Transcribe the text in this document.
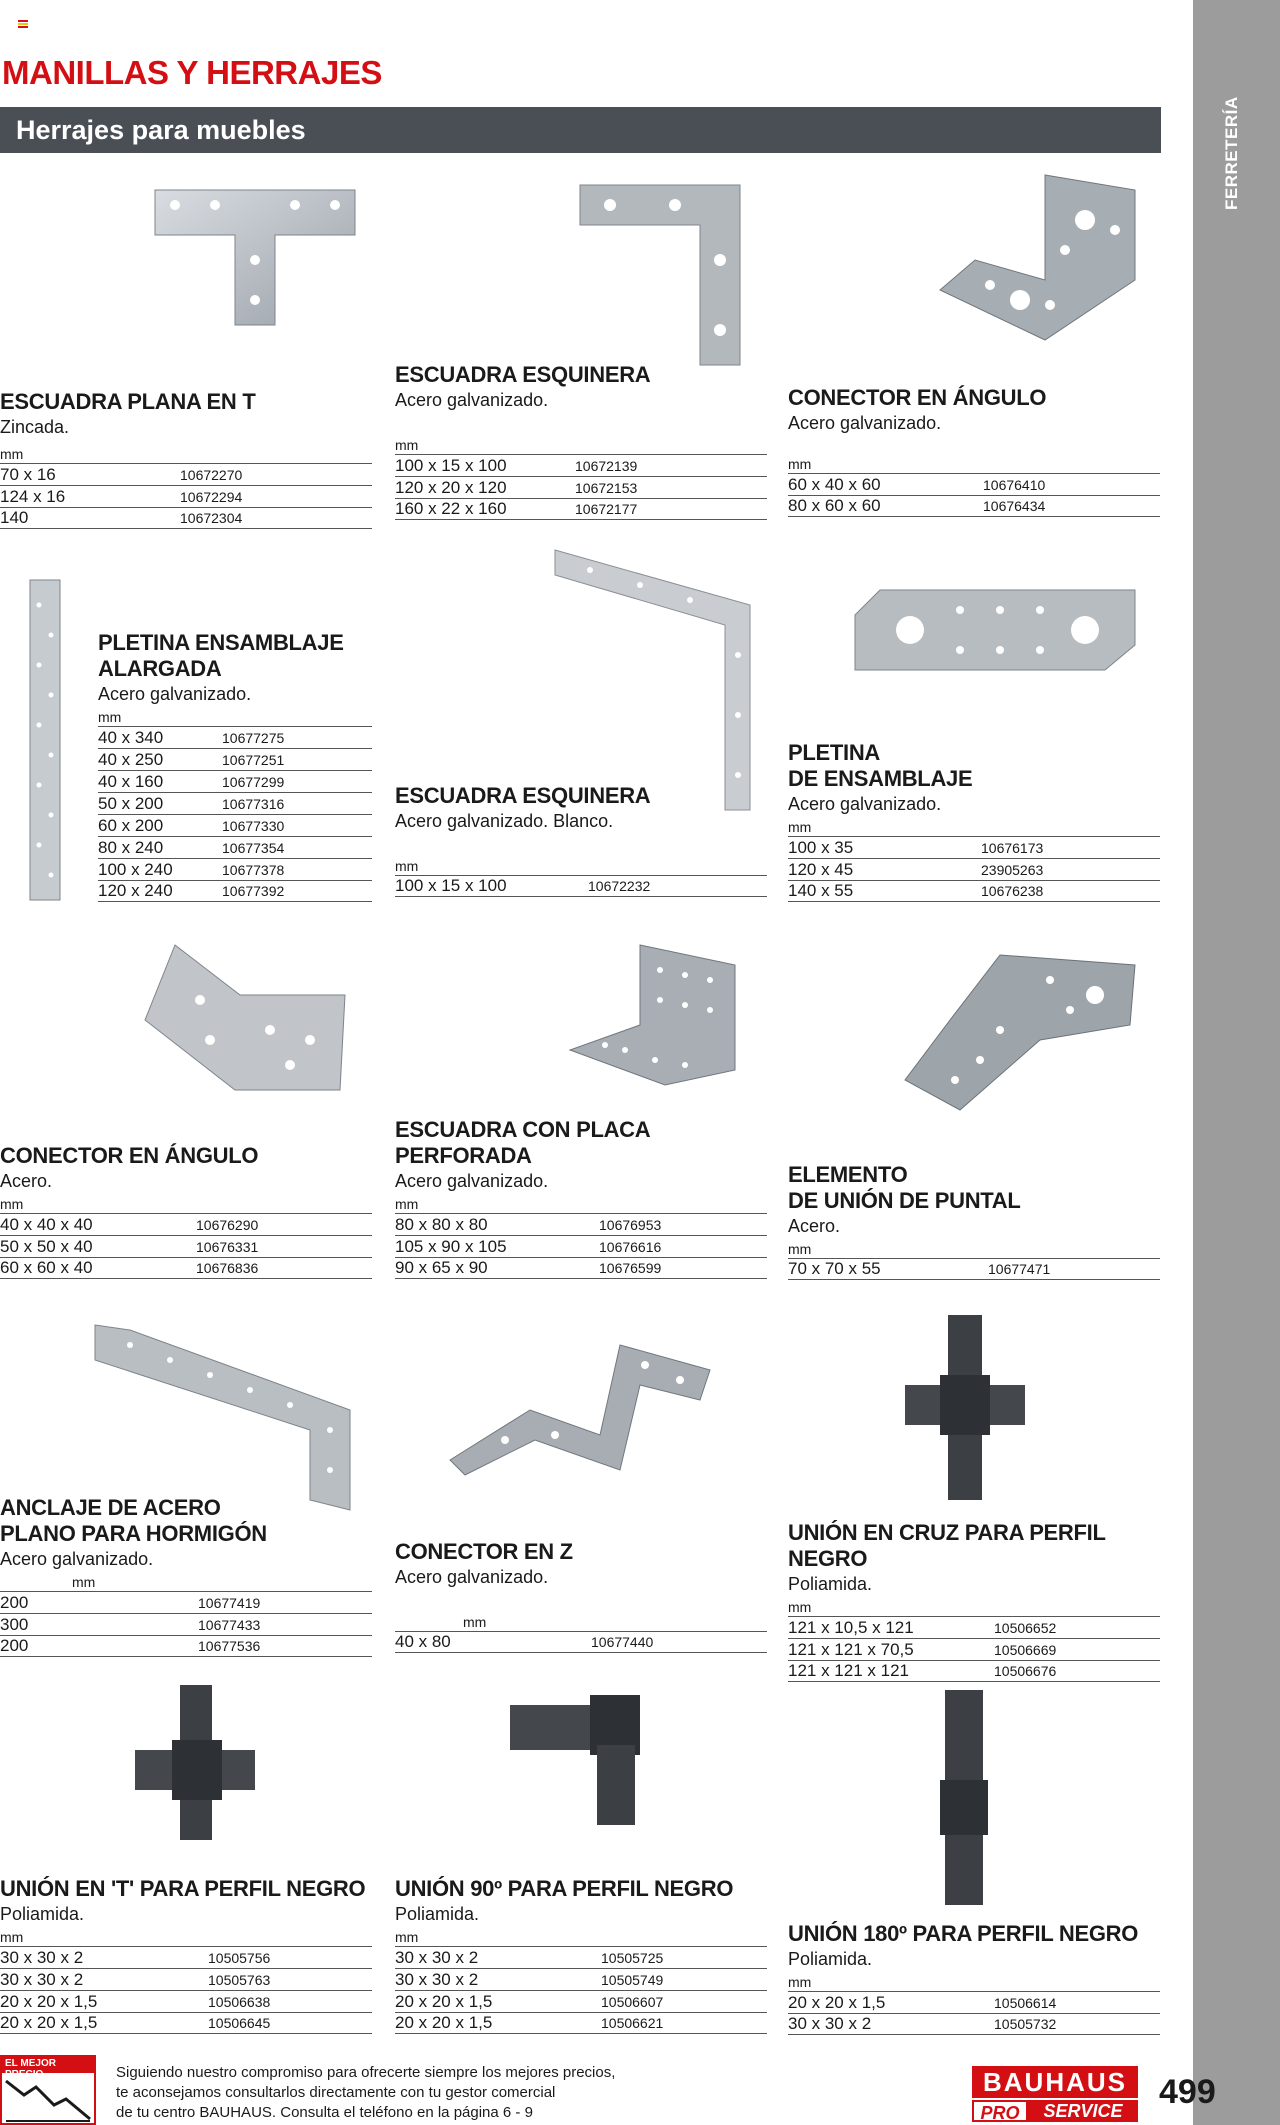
MANILLAS Y HERRAJES
Herrajes para muebles	FERRETERÍA
ESCUADRA PLANA EN T
Zincada.
mm
70 x 16	10672270
124 x 16	10672294
140	10672304
ESCUADRA ESQUINERA
Acero galvanizado.
mm
100 x 15 x 100	10672139
120 x 20 x 120	10672153
160 x 22 x 160	10672177
CONECTOR EN ÁNGULO
Acero galvanizado.
mm
60 x 40 x 60	10676410
80 x 60 x 60	10676434
PLETINA ENSAMBLAJE
ALARGADA
Acero galvanizado.
mm
40 x 340	10677275
40 x 250	10677251
40 x 160	10677299
50 x 200	10677316
60 x 200	10677330
80 x 240	10677354
100 x 240	10677378
120 x 240	10677392
ESCUADRA ESQUINERA
Acero galvanizado. Blanco.
mm
100 x 15 x 100	10672232
PLETINA
DE ENSAMBLAJE
Acero galvanizado.
mm
100 x 35	10676173
120 x 45	23905263
140 x 55	10676238
CONECTOR EN ÁNGULO
Acero.
mm
40 x 40 x 40	10676290
50 x 50 x 40	10676331
60 x 60 x 40	10676836
ESCUADRA CON PLACA
PERFORADA
Acero galvanizado.
mm
80 x 80 x 80	10676953
105 x 90 x 105	10676616
90 x 65 x 90	10676599
ELEMENTO
DE UNIÓN DE PUNTAL
Acero.
mm
70 x 70 x 55	10677471
ANCLAJE DE ACERO
PLANO PARA HORMIGÓN
Acero galvanizado.
mm
200	10677419
300	10677433
200	10677536
CONECTOR EN Z
Acero galvanizado.
mm
40 x 80	10677440
UNIÓN EN CRUZ PARA PERFIL NEGRO
Poliamida.
mm
121 x 10,5 x 121	10506652
121 x 121 x 70,5	10506669
121 x 121 x 121	10506676
UNIÓN EN 'T' PARA PERFIL NEGRO
Poliamida.
mm
30 x 30 x 2	10505756
30 x 30 x 2	10505763
20 x 20 x 1,5	10506638
20 x 20 x 1,5	10506645
UNIÓN 90º PARA PERFIL NEGRO
Poliamida.
mm
30 x 30 x 2	10505725
30 x 30 x 2	10505749
20 x 20 x 1,5	10506607
20 x 20 x 1,5	10506621
UNIÓN 180º PARA PERFIL NEGRO
Poliamida.
mm
20 x 20 x 1,5	10506614
30 x 30 x 2	10505732
EL MEJOR PRECIO	Siguiendo nuestro compromiso para ofrecerte siempre los mejores precios,
te aconsejamos consultarlos directamente con tu gestor comercial
de tu centro BAUHAUS. Consulta el teléfono en la página 6 - 9
BAUHAUS
PRO	SERVICE	499
